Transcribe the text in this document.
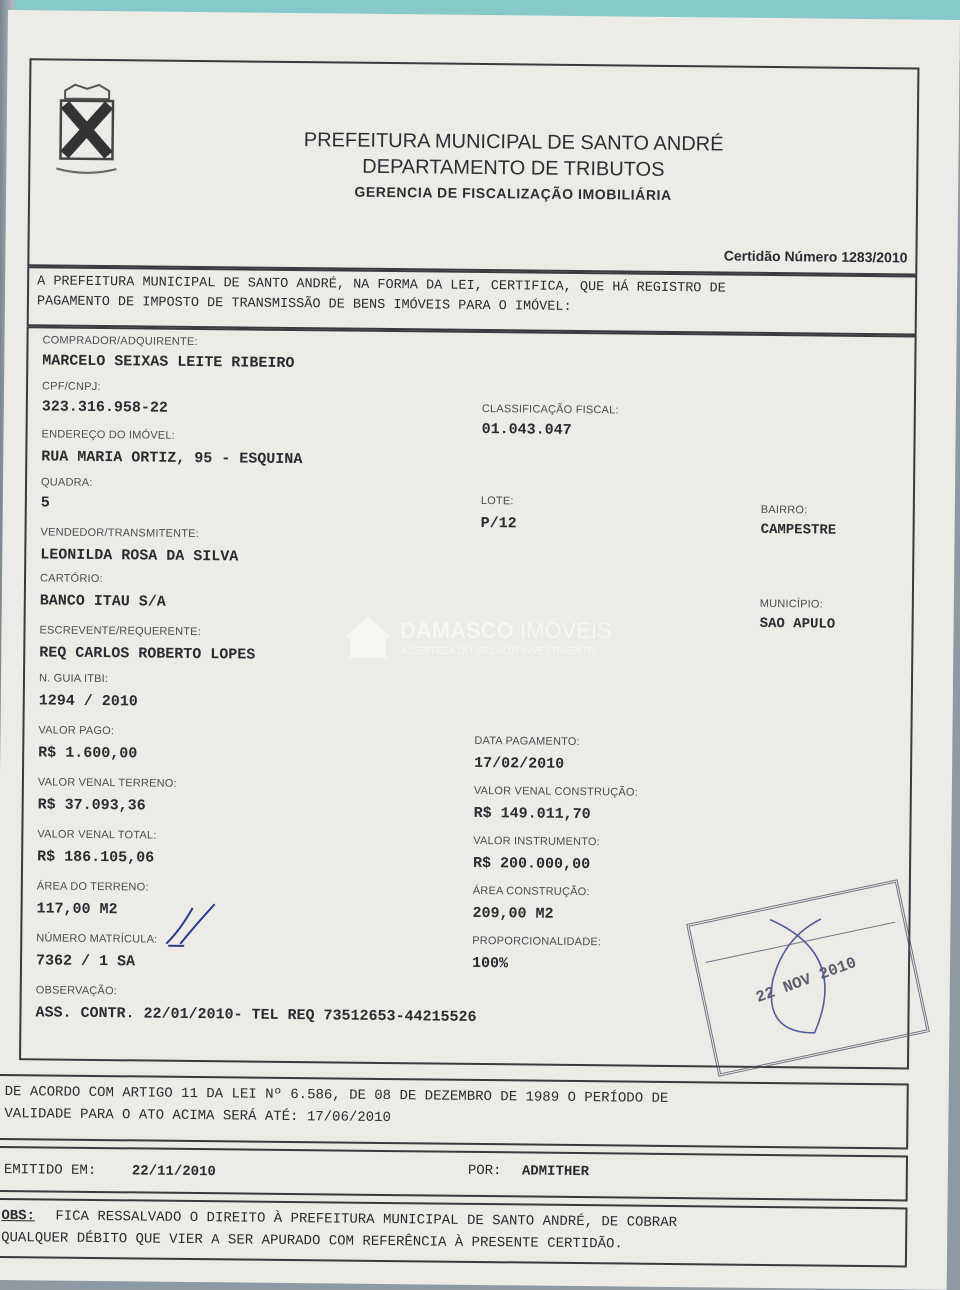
PREFEITURA MUNICIPAL DE SANTO ANDRÉ
DEPARTAMENTO DE TRIBUTOS
GERENCIA DE FISCALIZAÇÃO IMOBILIÁRIA
Certidão Número 1283/2010
A PREFEITURA MUNICIPAL DE SANTO ANDRÉ, NA FORMA DA LEI, CERTIFICA, QUE HÁ REGISTRO DE
PAGAMENTO DE IMPOSTO DE TRANSMISSÃO DE BENS IMÓVEIS PARA O IMÓVEL:
COMPRADOR/ADQUIRENTE:
MARCELO SEIXAS LEITE RIBEIRO
CPF/CNPJ:
323.316.958-22	CLASSIFICAÇÃO FISCAL:
01.043.047
ENDEREÇO DO IMÓVEL:
RUA MARIA ORTIZ, 95 - ESQUINA
QUADRA:
5	LOTE:
P/12
BAIRRO:
CAMPESTRE
VENDEDOR/TRANSMITENTE:
LEONILDA ROSA DA SILVA
CARTÓRIO:
BANCO ITAU S/A	MUNICÍPIO:
SAO APULO
ESCREVENTE/REQUERENTE:
REQ CARLOS ROBERTO LOPES
N. GUIA ITBI:
1294 / 2010
VALOR PAGO:
R$ 1.600,00
DATA PAGAMENTO:
17/02/2010
VALOR VENAL TERRENO:
R$ 37.093,36
VALOR VENAL CONSTRUÇÃO:
R$ 149.011,70
VALOR VENAL TOTAL:
R$ 186.105,06
VALOR INSTRUMENTO:
R$ 200.000,00
ÁREA DO TERRENO:
117,00 M2
ÁREA CONSTRUÇÃO:
209,00 M2
NÚMERO MATRÍCULA:
7362 / 1 SA
PROPORCIONALIDADE:
100%
OBSERVAÇÃO:
ASS. CONTR. 22/01/2010- TEL REQ 73512653-44215526
DE ACORDO COM ARTIGO 11 DA LEI Nº 6.586, DE 08 DE DEZEMBRO DE 1989 O PERÍODO DE
VALIDADE PARA O ATO ACIMA SERÁ ATÉ: 17/06/2010
EMITIDO EM:	22/11/2010	POR: ADMITHER
OBS: FICA RESSALVADO O DIREITO À PREFEITURA MUNICIPAL DE SANTO ANDRÉ, DE COBRAR
QUALQUER DÉBITO QUE VIER A SER APURADO COM REFERÊNCIA À PRESENTE CERTIDÃO.
DAMASCO IMÓVEIS
A CERTEZA DO MELHOR INVESTIMENTO
22 NOV 2010
